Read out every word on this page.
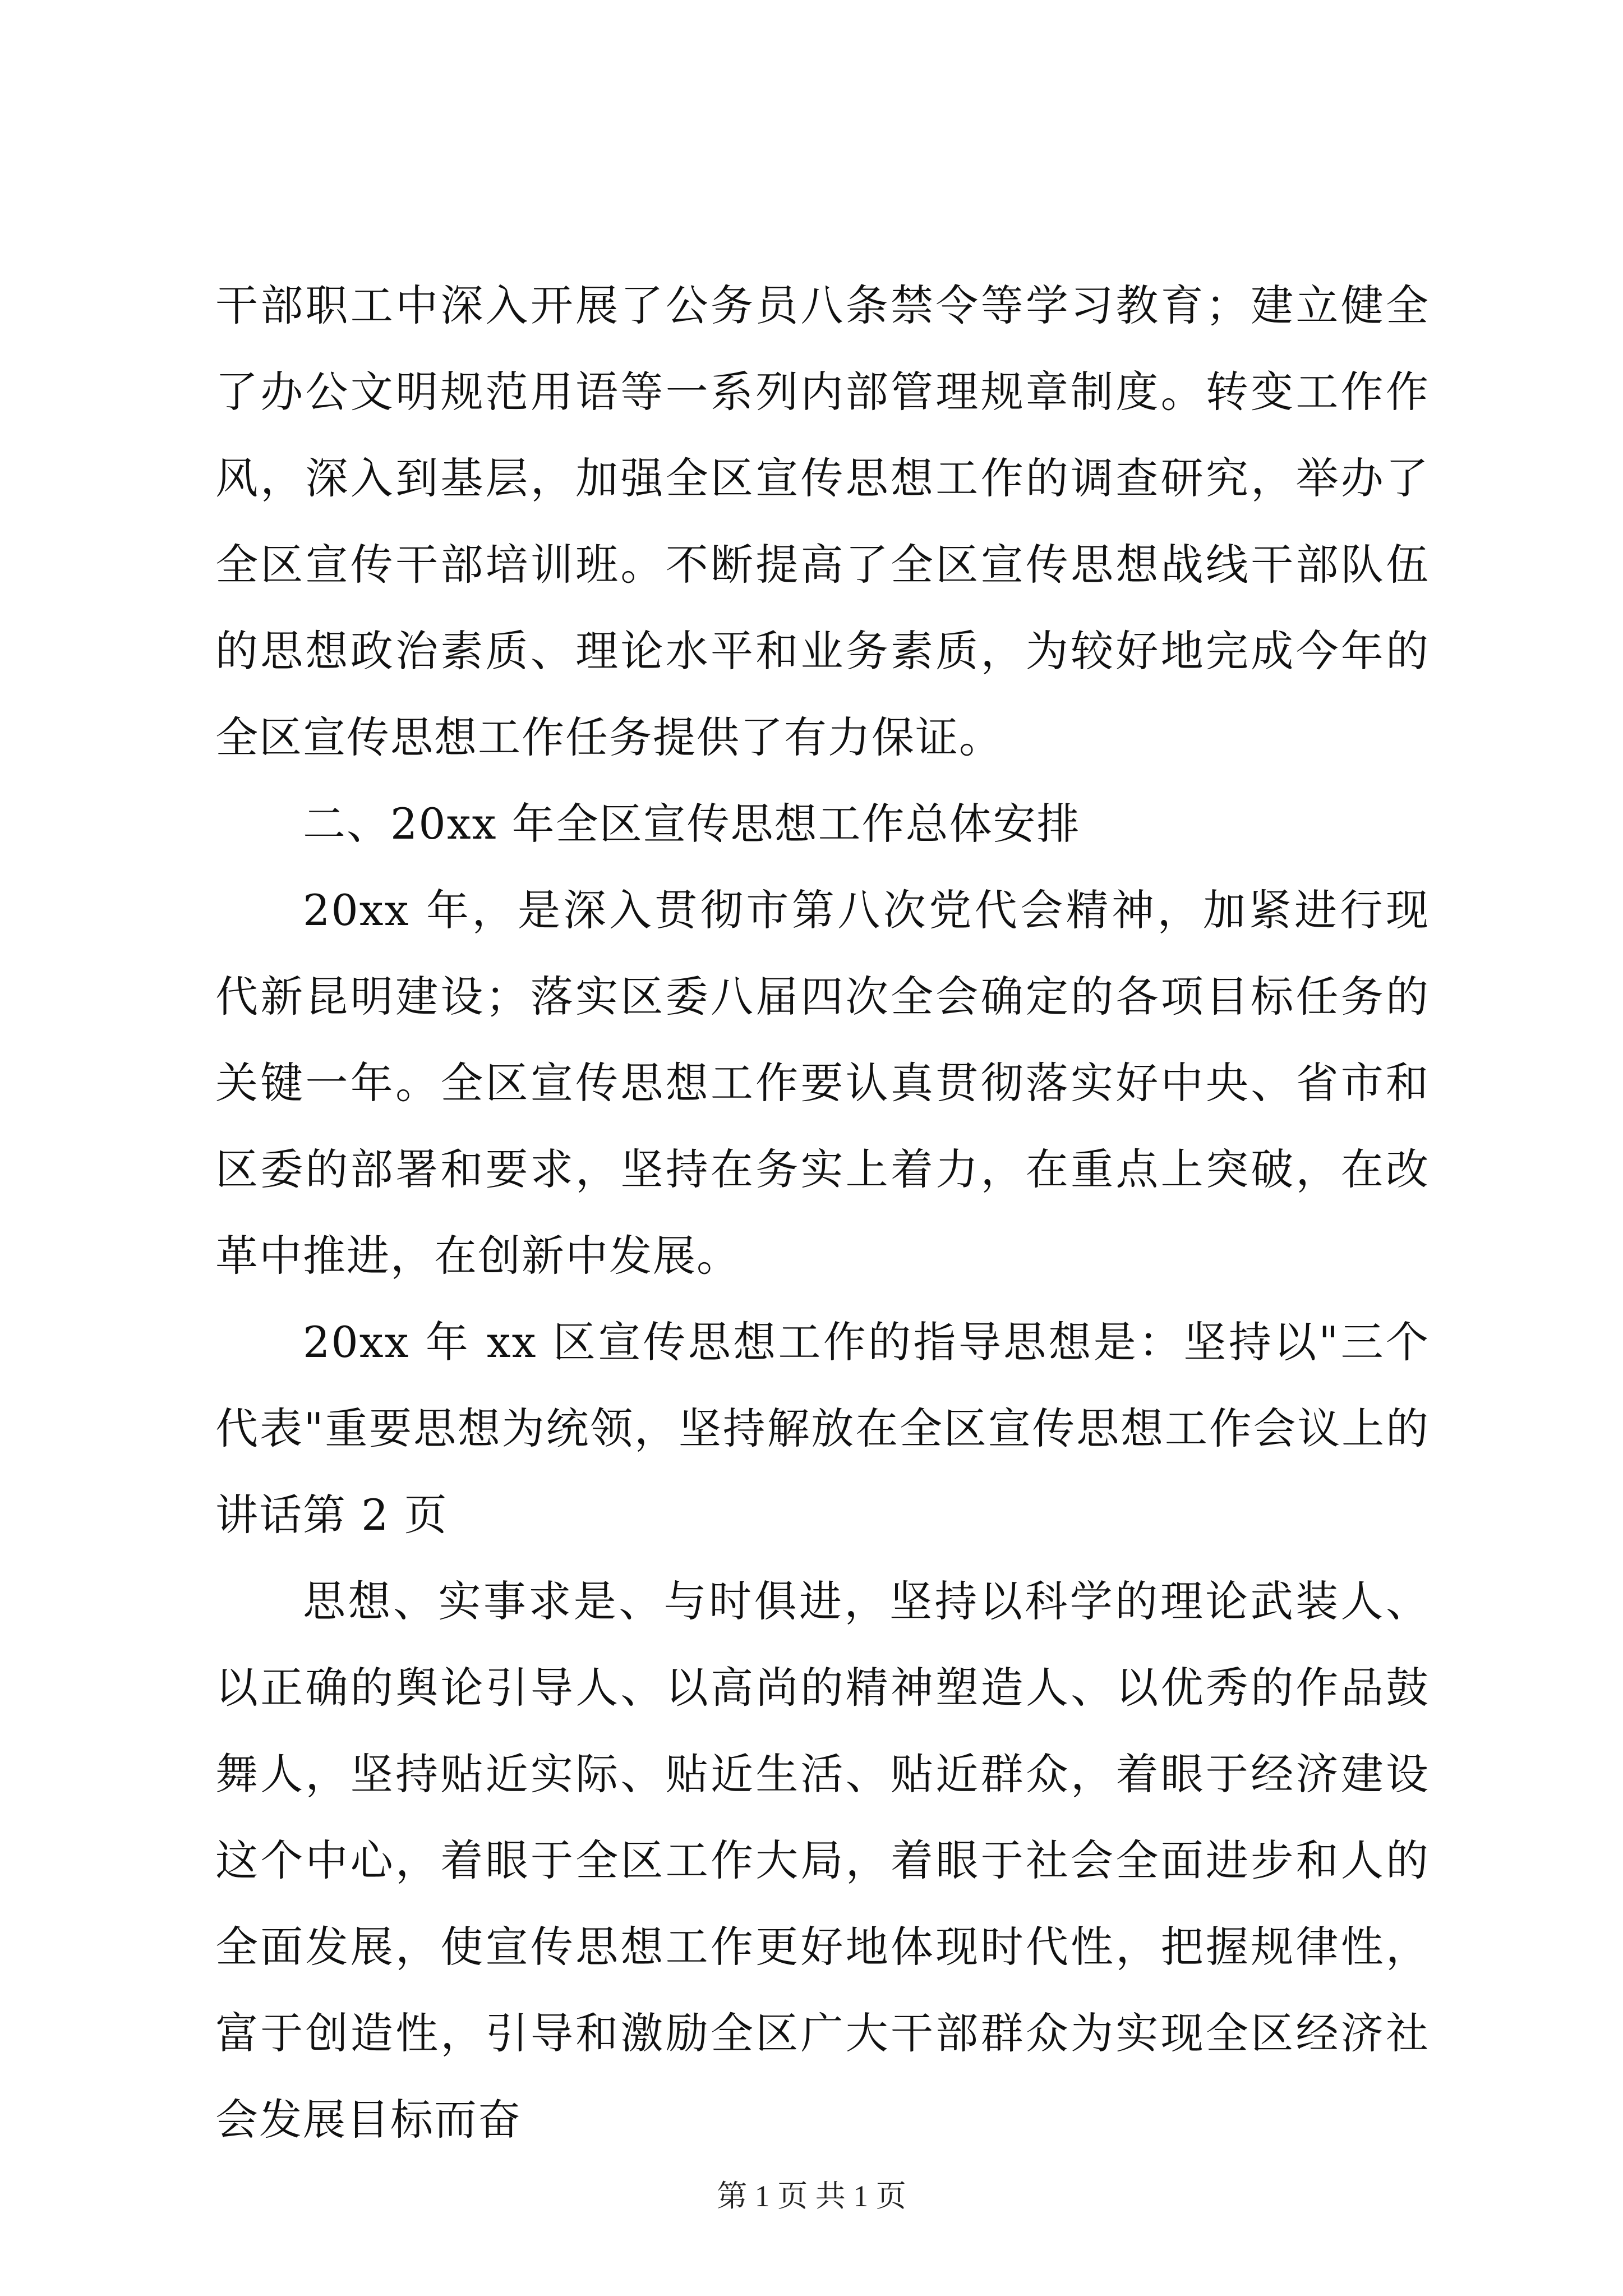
干部职工中深入开展了公务员八条禁令等学习教育；建立健全了办公文明规范用语等一系列内部管理规章制度。转变工作作风，深入到基层，加强全区宣传思想工作的调查研究，举办了全区宣传干部培训班。不断提高了全区宣传思想战线干部队伍的思想政治素质、理论水平和业务素质，为较好地完成今年的全区宣传思想工作任务提供了有力保证。

二、20xx 年全区宣传思想工作总体安排

20xx 年，是深入贯彻市第八次党代会精神，加紧进行现代新昆明建设；落实区委八届四次全会确定的各项目标任务的关键一年。全区宣传思想工作要认真贯彻落实好中央、省市和区委的部署和要求，坚持在务实上着力，在重点上突破，在改革中推进，在创新中发展。

20xx 年 xx 区宣传思想工作的指导思想是：坚持以"三个代表"重要思想为统领，坚持解放在全区宣传思想工作会议上的讲话第 2 页

思想、实事求是、与时俱进，坚持以科学的理论武装人、以正确的舆论引导人、以高尚的精神塑造人、以优秀的作品鼓舞人，坚持贴近实际、贴近生活、贴近群众，着眼于经济建设这个中心，着眼于全区工作大局，着眼于社会全面进步和人的全面发展，使宣传思想工作更好地体现时代性，把握规律性，富于创造性，引导和激励全区广大干部群众为实现全区经济社会发展目标而奋

第 1 页 共 1 页
